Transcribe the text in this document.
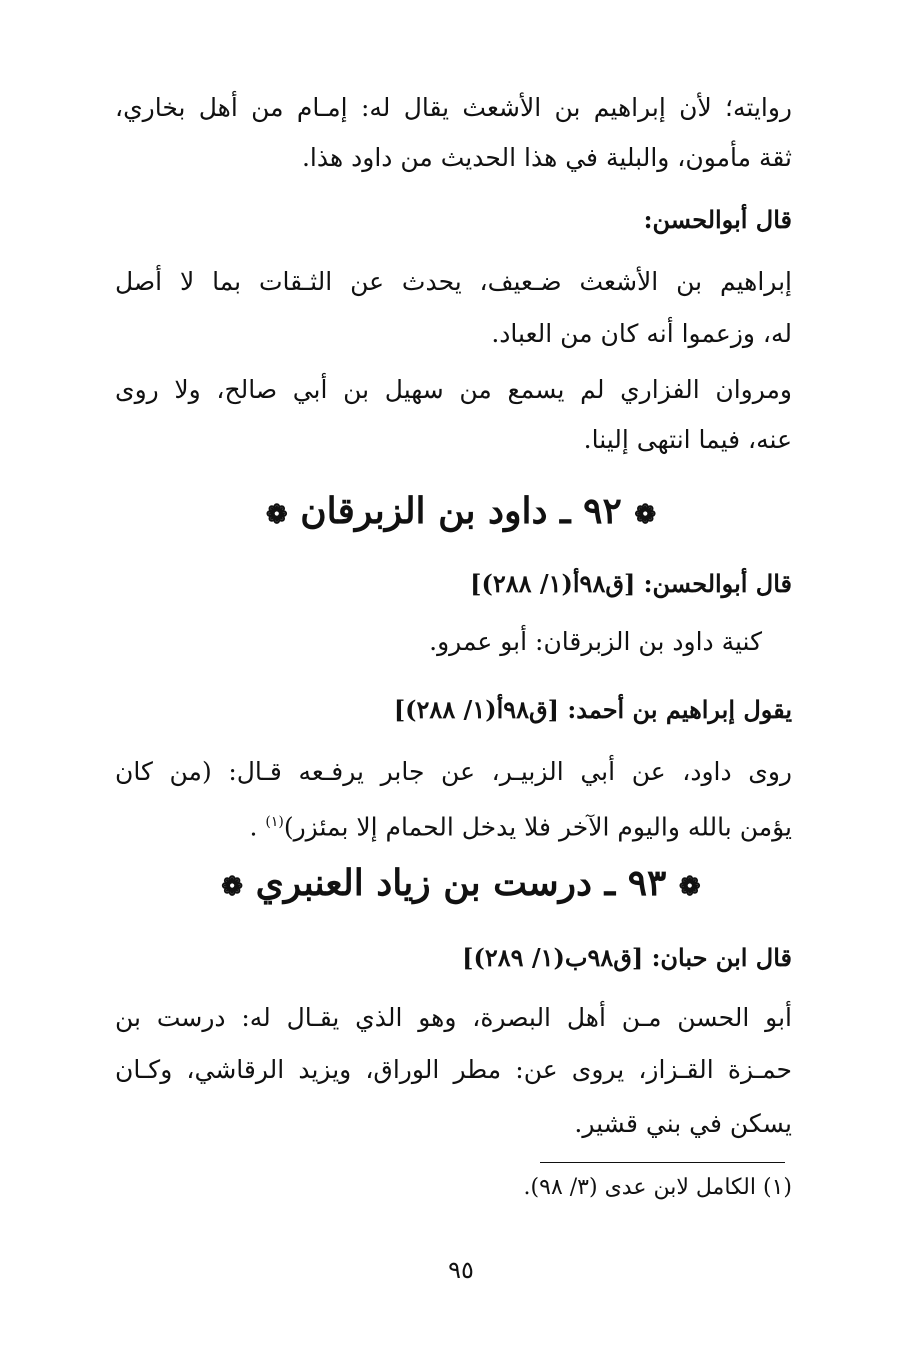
روايته؛ لأن إبراهيم بن الأشعث يقال له: إمـام من أهل بخاري،
ثقة مأمون، والبلية في هذا الحديث من داود هذا.
قال أبوالحسن:
إبراهيم بن الأشعث ضـعيف، يحدث عن الثـقات بما لا أصل
له، وزعموا أنه كان من العباد.
ومروان الفزاري لم يسمع من سهيل بن أبي صالح، ولا روى
عنه، فيما انتهى إلينا.
❁ ٩٢ ـ داود بن الزبرقان ❁
قال أبوالحسن: [ق٩٨أ(١/ ٢٨٨)]
كنية داود بن الزبرقان: أبو عمرو.
يقول إبراهيم بن أحمد: [ق٩٨أ(١/ ٢٨٨)]
روى داود، عن أبي الزبيـر، عن جابر يرفـعه قـال: (من كان
يؤمن بالله واليوم الآخر فلا يدخل الحمام إلا بمئزر)$^{(١)}$ .
❁ ٩٣ ـ درست بن زياد العنبري ❁
قال ابن حبان: [ق٩٨ب(١/ ٢٨٩)]
أبو الحسن مـن أهل البصرة، وهو الذي يقـال له: درست بن
حمـزة القـزاز، يروى عن: مطر الوراق، ويزيد الرقاشي، وكـان
يسكن في بني قشير.
(١) الكامل لابن عدى (٣/ ٩٨).
٩٥
